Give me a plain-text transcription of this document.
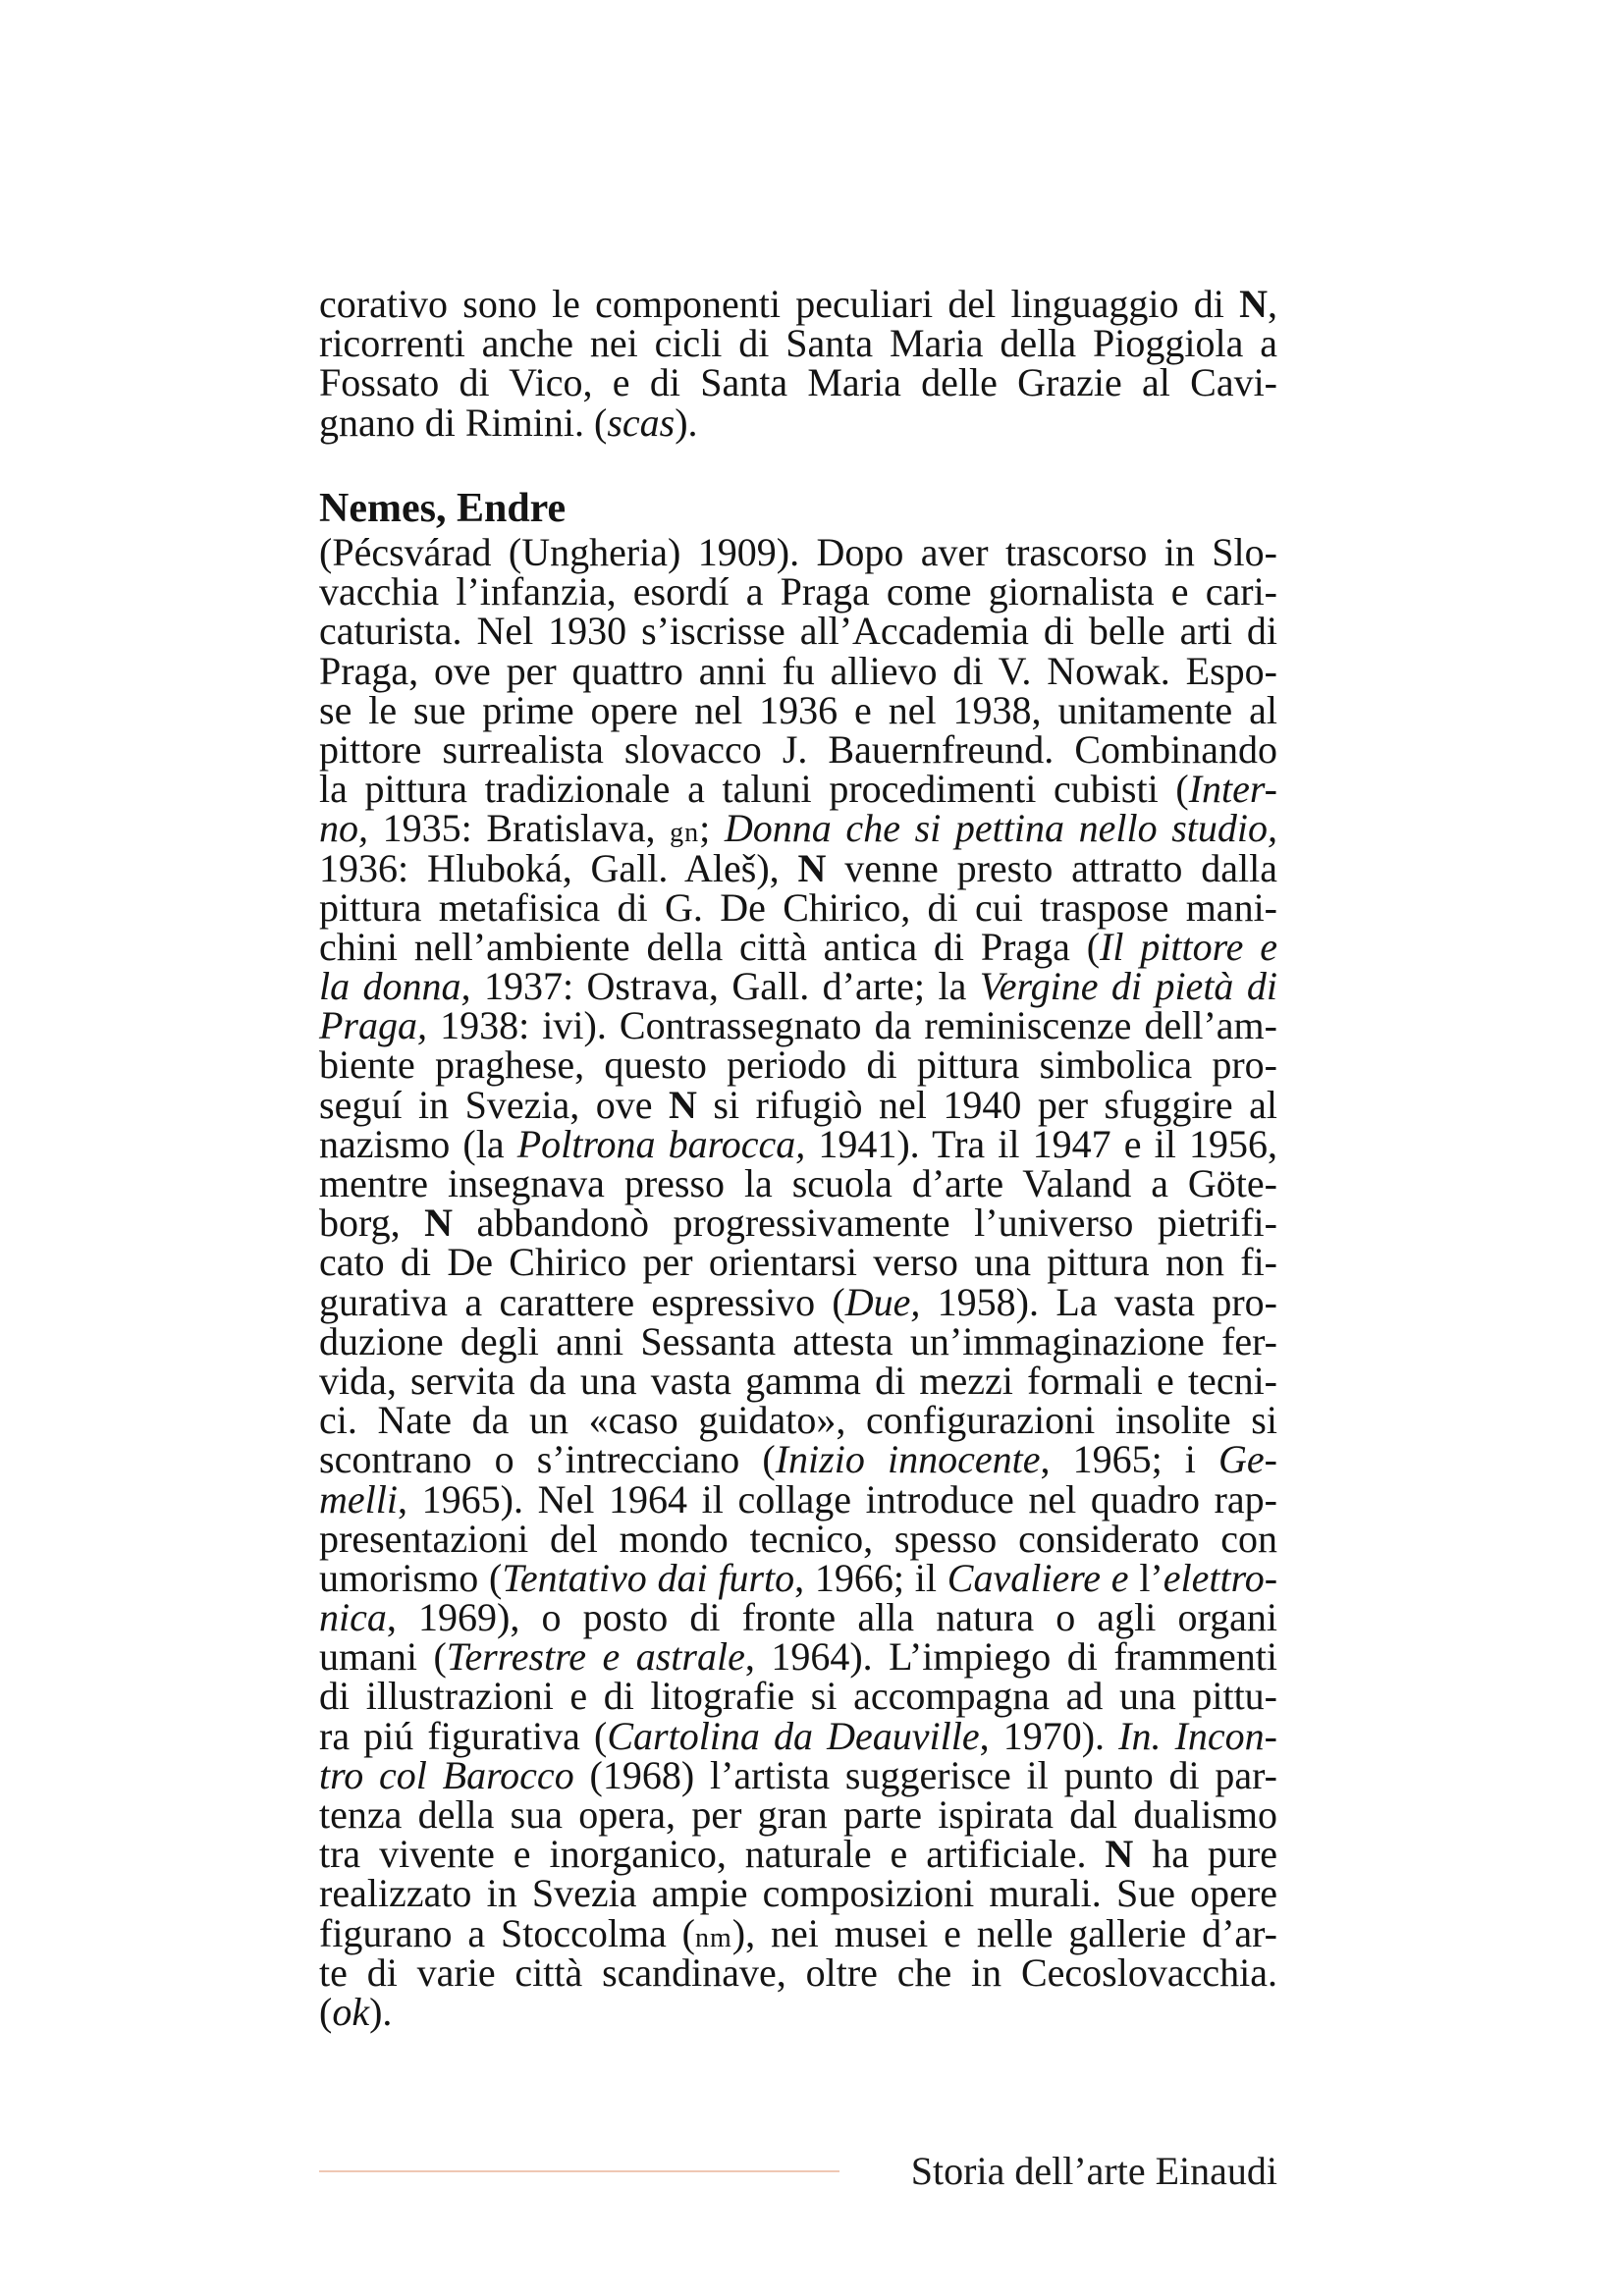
corativo sono le componenti peculiari del linguaggio di N,
ricorrenti anche nei cicli di Santa Maria della Pioggiola a
Fossato di Vico, e di Santa Maria delle Grazie al Cavi-
gnano di Rimini. (scas).
Nemes, Endre
(Pécsvárad (Ungheria) 1909). Dopo aver trascorso in Slo-
vacchia l’infanzia, esordí a Praga come giornalista e cari-
caturista. Nel 1930 s’iscrisse all’Accademia di belle arti di
Praga, ove per quattro anni fu allievo di V. Nowak. Espo-
se le sue prime opere nel 1936 e nel 1938, unitamente al
pittore surrealista slovacco J. Bauernfreund. Combinando
la pittura tradizionale a taluni procedimenti cubisti (Inter-
no, 1935: Bratislava, gn; Donna che si pettina nello studio,
1936: Hluboká, Gall. Aleš), N venne presto attratto dalla
pittura metafisica di G. De Chirico, di cui traspose mani-
chini nell’ambiente della città antica di Praga (Il pittore e
la donna, 1937: Ostrava, Gall. d’arte; la Vergine di pietà di
Praga, 1938: ivi). Contrassegnato da reminiscenze dell’am-
biente praghese, questo periodo di pittura simbolica pro-
seguí in Svezia, ove N si rifugiò nel 1940 per sfuggire al
nazismo (la Poltrona barocca, 1941). Tra il 1947 e il 1956,
mentre insegnava presso la scuola d’arte Valand a Göte-
borg, N abbandonò progressivamente l’universo pietrifi-
cato di De Chirico per orientarsi verso una pittura non fi-
gurativa a carattere espressivo (Due, 1958). La vasta pro-
duzione degli anni Sessanta attesta un’immaginazione fer-
vida, servita da una vasta gamma di mezzi formali e tecni-
ci. Nate da un «caso guidato», configurazioni insolite si
scontrano o s’intrecciano (Inizio innocente, 1965; i Ge-
melli, 1965). Nel 1964 il collage introduce nel quadro rap-
presentazioni del mondo tecnico, spesso considerato con
umorismo (Tentativo dai furto, 1966; il Cavaliere e l’elettro-
nica, 1969), o posto di fronte alla natura o agli organi
umani (Terrestre e astrale, 1964). L’impiego di frammenti
di illustrazioni e di litografie si accompagna ad una pittu-
ra piú figurativa (Cartolina da Deauville, 1970). In. Incon-
tro col Barocco (1968) l’artista suggerisce il punto di par-
tenza della sua opera, per gran parte ispirata dal dualismo
tra vivente e inorganico, naturale e artificiale. N ha pure
realizzato in Svezia ampie composizioni murali. Sue opere
figurano a Stoccolma (nm), nei musei e nelle gallerie d’ar-
te di varie città scandinave, oltre che in Cecoslovacchia.
(ok).
Storia dell’arte Einaudi
